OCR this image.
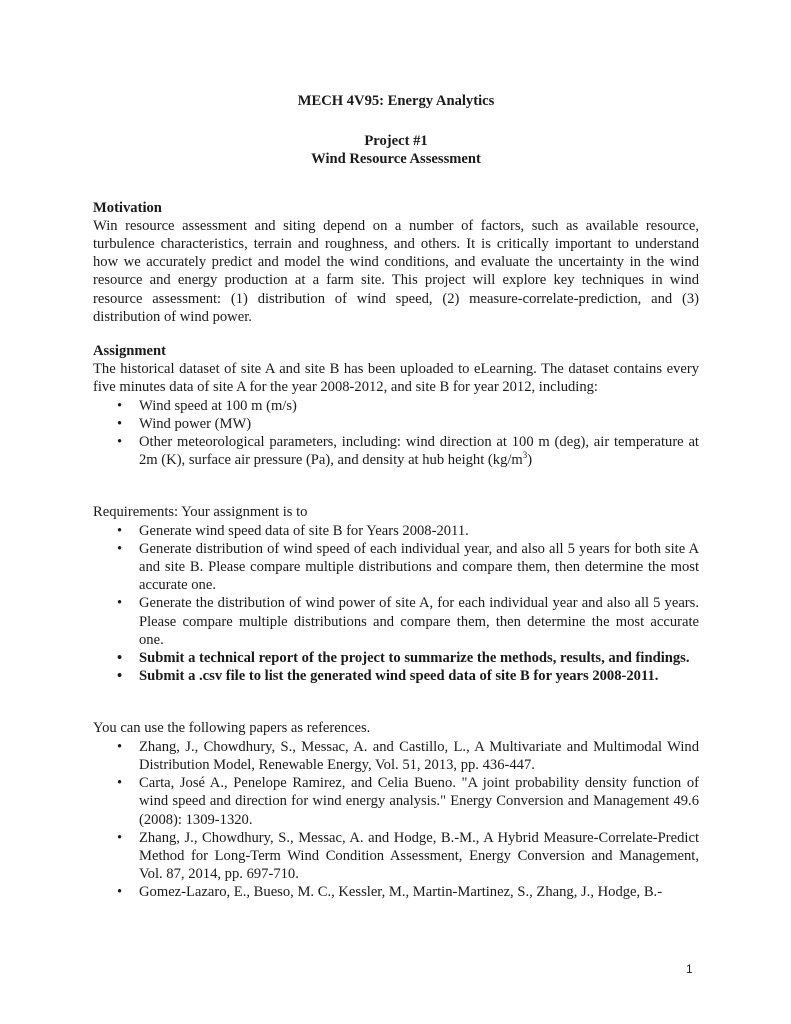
MECH 4V95: Energy Analytics
Project #1
Wind Resource Assessment
Motivation
Win resource assessment and siting depend on a number of factors, such as available resource, turbulence characteristics, terrain and roughness, and others. It is critically important to understand how we accurately predict and model the wind conditions, and evaluate the uncertainty in the wind resource and energy production at a farm site. This project will explore key techniques in wind resource assessment: (1) distribution of wind speed, (2) measure-correlate-prediction, and (3) distribution of wind power.
Assignment
The historical dataset of site A and site B has been uploaded to eLearning. The dataset contains every five minutes data of site A for the year 2008-2012, and site B for year 2012, including:
• Wind speed at 100 m (m/s)
• Wind power (MW)
• Other meteorological parameters, including: wind direction at 100 m (deg), air temperature at 2m (K), surface air pressure (Pa), and density at hub height $(kg/m^3)$
Requirements: Your assignment is to
• Generate wind speed data of site B for Years 2008-2011.
• Generate distribution of wind speed of each individual year, and also all 5 years for both site A and site B. Please compare multiple distributions and compare them, then determine the most accurate one.
• Generate the distribution of wind power of site A, for each individual year and also all 5 years. Please compare multiple distributions and compare them, then determine the most accurate one.
• Submit a technical report of the project to summarize the methods, results, and findings.
• Submit a .csv file to list the generated wind speed data of site B for years 2008-2011.
You can use the following papers as references.
• Zhang, J., Chowdhury, S., Messac, A. and Castillo, L., A Multivariate and Multimodal Wind Distribution Model, Renewable Energy, Vol. 51, 2013, pp. 436-447.
• Carta, José A., Penelope Ramirez, and Celia Bueno. "A joint probability density function of wind speed and direction for wind energy analysis." Energy Conversion and Management 49.6 (2008): 1309-1320.
• Zhang, J., Chowdhury, S., Messac, A. and Hodge, B.-M., A Hybrid Measure-Correlate-Predict Method for Long-Term Wind Condition Assessment, Energy Conversion and Management, Vol. 87, 2014, pp. 697-710.
• Gomez-Lazaro, E., Bueso, M. C., Kessler, M., Martin-Martinez, S., Zhang, J., Hodge, B.-
1
